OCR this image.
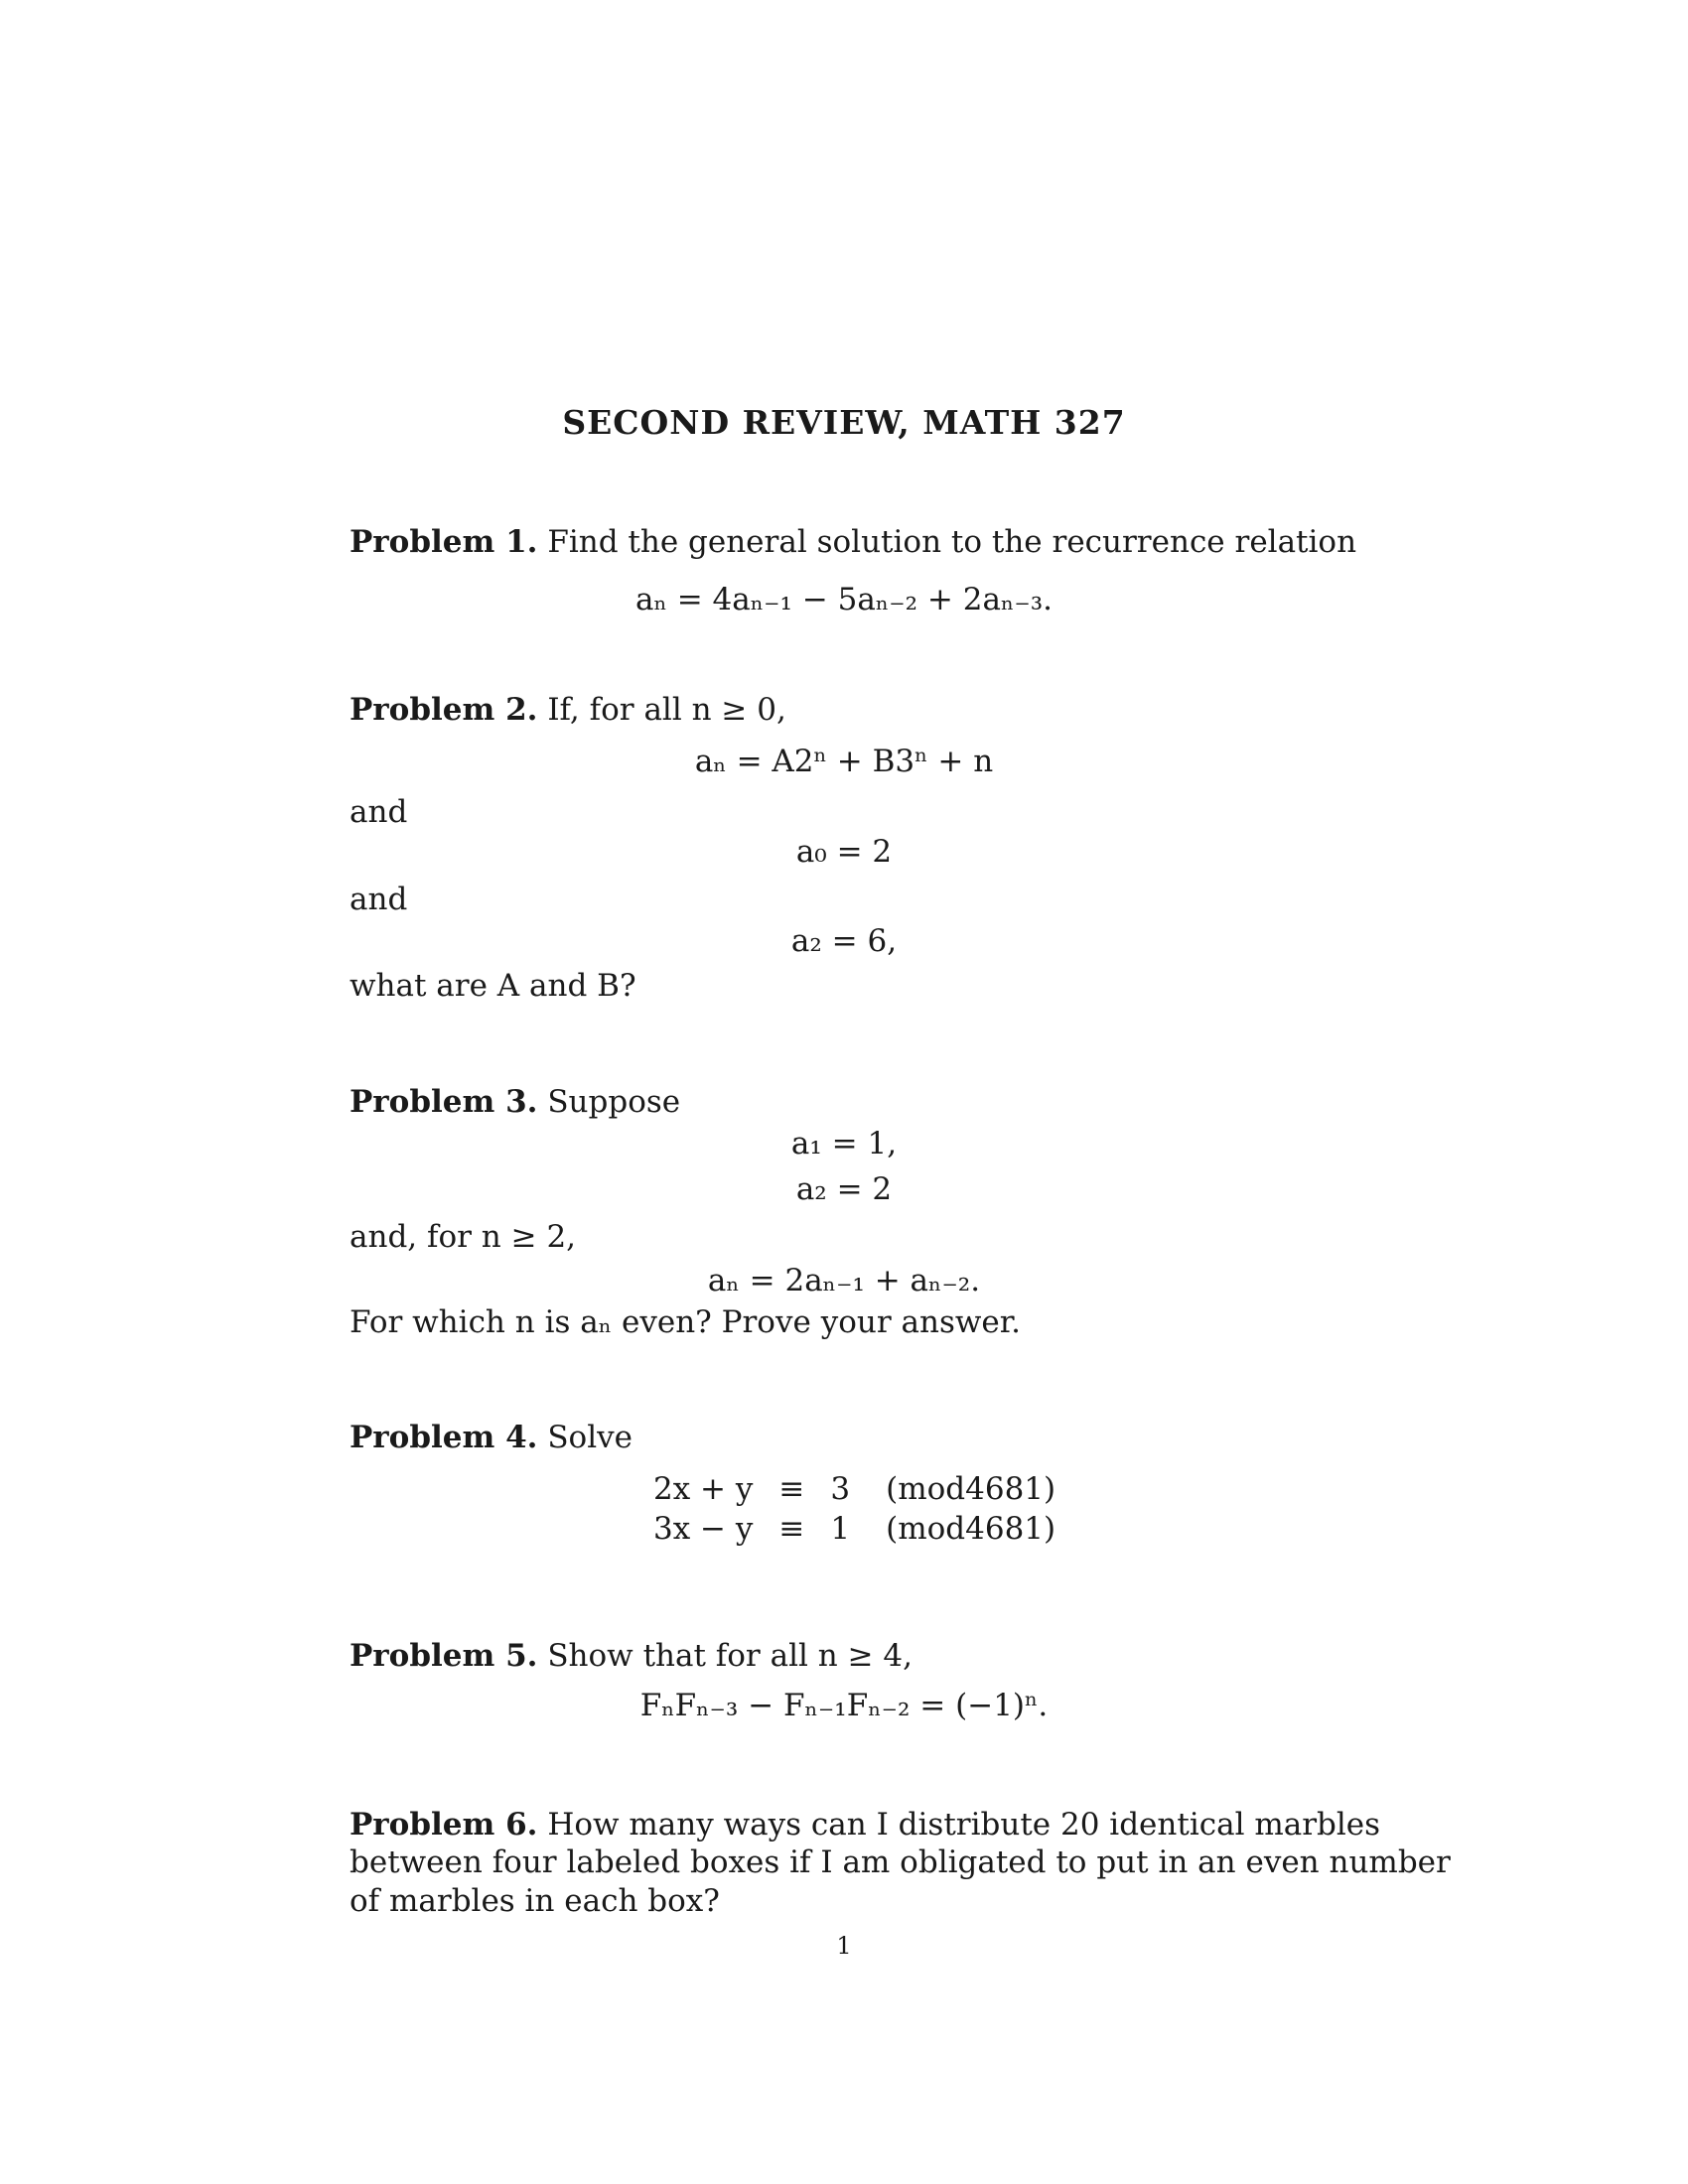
SECOND REVIEW, MATH 327
Problem 1. Find the general solution to the recurrence relation
aₙ = 4aₙ₋₁ − 5aₙ₋₂ + 2aₙ₋₃.
Problem 2. If, for all n ≥ 0,
aₙ = A2ⁿ + B3ⁿ + n
and
a₀ = 2
and
a₂ = 6,
what are A and B?
Problem 3. Suppose
a₁ = 1,
a₂ = 2
and, for n ≥ 2,
aₙ = 2aₙ₋₁ + aₙ₋₂.
For which n is aₙ even? Prove your answer.
Problem 4. Solve
2x + y	≡	3	(mod4681)
3x − y	≡	1	(mod4681)
Problem 5. Show that for all n ≥ 4,
FₙFₙ₋₃ − Fₙ₋₁Fₙ₋₂ = (−1)ⁿ.
Problem 6. How many ways can I distribute 20 identical marbles
between four labeled boxes if I am obligated to put in an even number
of marbles in each box?
1
